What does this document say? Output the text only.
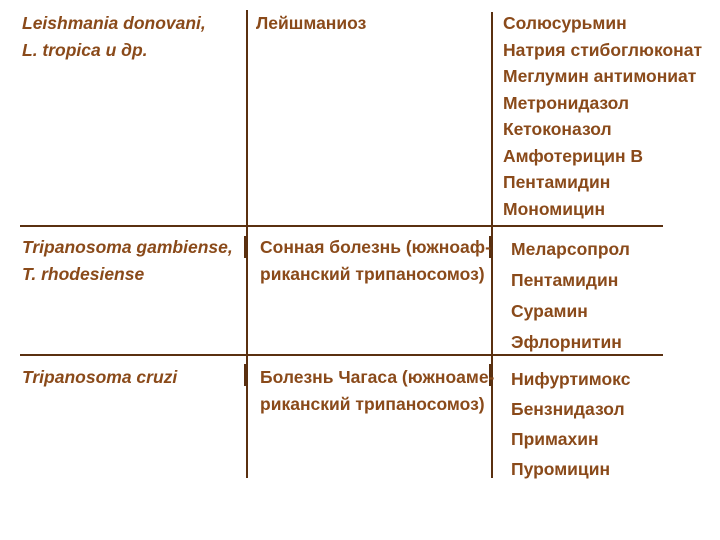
Leishmania donovani,
L. tropica и др.
Лейшманиоз	Солюсурьмин
Натрия стибоглюконат
Меглумин антимониат
Метронидазол
Кетоконазол
Амфотерицин В
Пентамидин
Мономицин
Tripanosoma gambiense,
T. rhodesiense
Сонная болезнь (южноаф-
риканский трипаносомоз)
Меларсопрол
Пентамидин
Сурамин
Эфлорнитин
Tripanosoma cruzi	Болезнь Чагаса (южноаме-
риканский трипаносомоз)
Нифуртимокс
Бензнидазол
Примахин
Пуромицин
